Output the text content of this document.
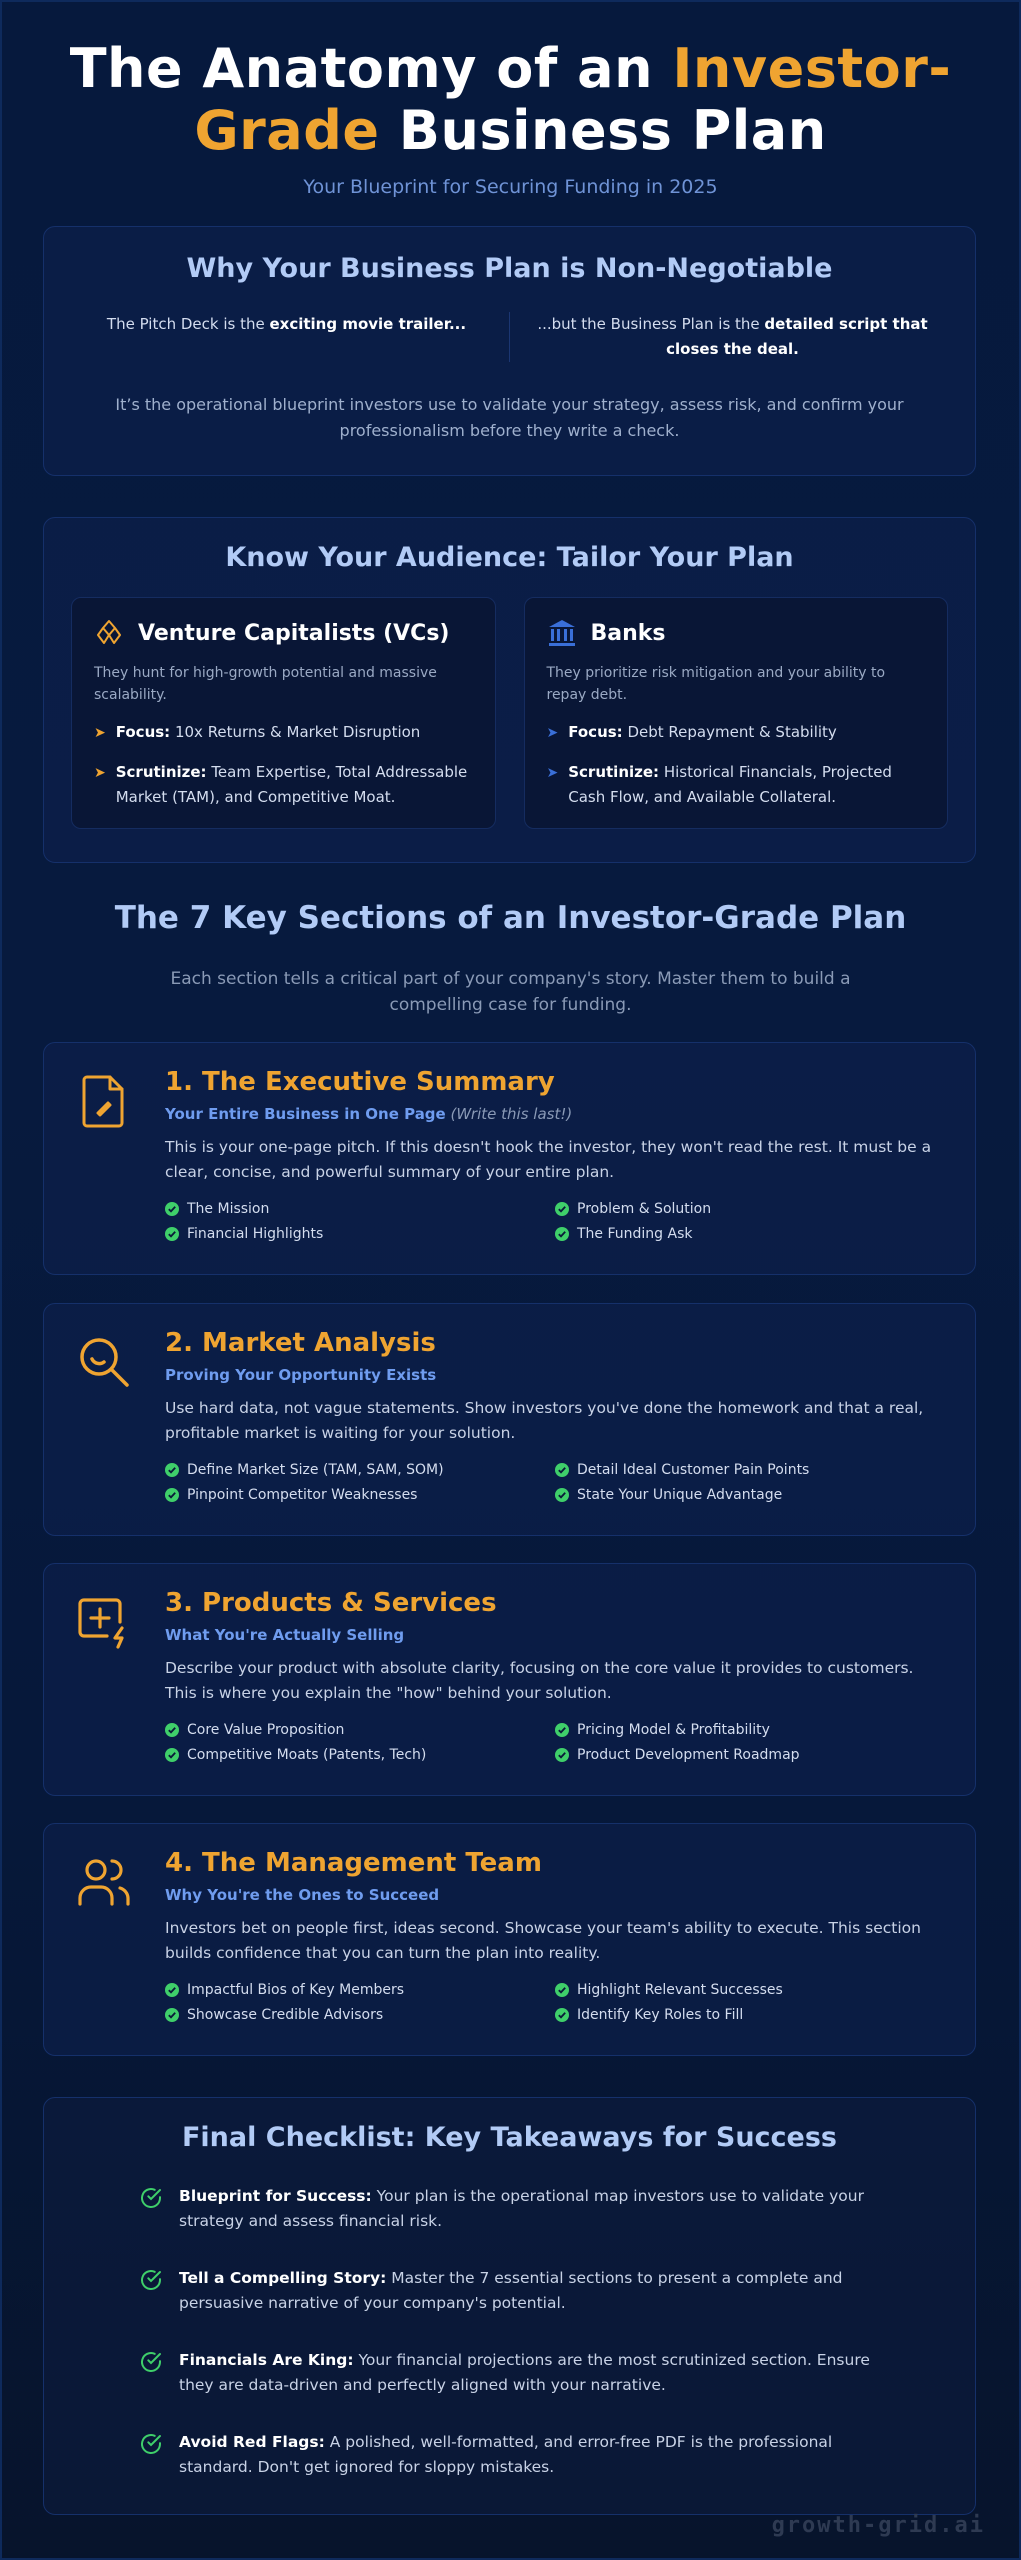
The Anatomy of an Investor-
Grade Business Plan
Your Blueprint for Securing Funding in 2025
Why Your Business Plan is Non-Negotiable
The Pitch Deck is the exciting movie trailer...	...but the Business Plan is the detailed script that closes the deal.
It’s the operational blueprint investors use to validate your strategy, assess risk, and confirm your professionalism before they write a check.
Know Your Audience: Tailor Your Plan
Venture Capitalists (VCs)
They hunt for high-growth potential and massive scalability.
➤ Focus: 10x Returns & Market Disruption
➤ Scrutinize: Team Expertise, Total Addressable Market (TAM), and Competitive Moat.
Banks
They prioritize risk mitigation and your ability to repay debt.
➤ Focus: Debt Repayment & Stability
➤ Scrutinize: Historical Financials, Projected Cash Flow, and Available Collateral.
The 7 Key Sections of an Investor-Grade Plan
Each section tells a critical part of your company's story. Master them to build a compelling case for funding.
1. The Executive Summary
Your Entire Business in One Page (Write this last!)
This is your one-page pitch. If this doesn't hook the investor, they won't read the rest. It must be a clear, concise, and powerful summary of your entire plan.
The Mission	Problem & Solution
Financial Highlights	The Funding Ask
2. Market Analysis
Proving Your Opportunity Exists
Use hard data, not vague statements. Show investors you've done the homework and that a real, profitable market is waiting for your solution.
Define Market Size (TAM, SAM, SOM)	Detail Ideal Customer Pain Points
Pinpoint Competitor Weaknesses	State Your Unique Advantage
3. Products & Services
What You're Actually Selling
Describe your product with absolute clarity, focusing on the core value it provides to customers. This is where you explain the "how" behind your solution.
Core Value Proposition	Pricing Model & Profitability
Competitive Moats (Patents, Tech)	Product Development Roadmap
4. The Management Team
Why You're the Ones to Succeed
Investors bet on people first, ideas second. Showcase your team's ability to execute. This section builds confidence that you can turn the plan into reality.
Impactful Bios of Key Members	Highlight Relevant Successes
Showcase Credible Advisors	Identify Key Roles to Fill
Final Checklist: Key Takeaways for Success
Blueprint for Success: Your plan is the operational map investors use to validate your strategy and assess financial risk.
Tell a Compelling Story: Master the 7 essential sections to present a complete and persuasive narrative of your company's potential.
Financials Are King: Your financial projections are the most scrutinized section. Ensure they are data-driven and perfectly aligned with your narrative.
Avoid Red Flags: A polished, well-formatted, and error-free PDF is the professional standard. Don't get ignored for sloppy mistakes.
growth-grid.ai
